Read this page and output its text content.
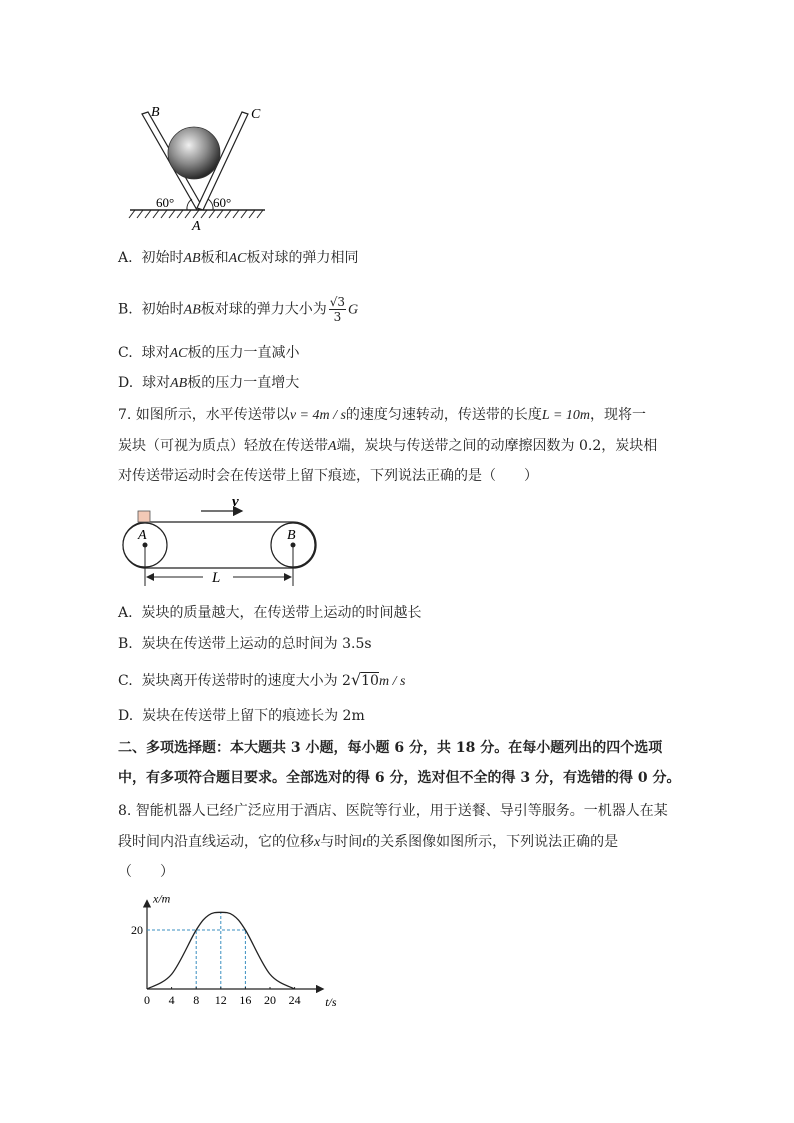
B	C
A
60°	60°
A. 初始时AB板和AC板对球的弹力相同
B. 初始时AB板对球的弹力大小为 $\frac{√3}{3}$ G
C. 球对AC板的压力一直减小
D. 球对AB板的压力一直增大
7. 如图所示，水平传送带以v = 4m / s的速度匀速转动，传送带的长度L = 10m，现将一
炭块（可视为质点）轻放在传送带A端，炭块与传送带之间的动摩擦因数为 0.2，炭块相
对传送带运动时会在传送带上留下痕迹，下列说法正确的是（　　）
v
A	B
L
A. 炭块的质量越大，在传送带上运动的时间越长
B. 炭块在传送带上运动的总时间为 3.5s
C. 炭块离开传送带时的速度大小为 2√10m / s
D. 炭块在传送带上留下的痕迹长为 2m
二、多项选择题：本大题共 3 小题，每小题 6 分，共 18 分。在每小题列出的四个选项
中，有多项符合题目要求。全部选对的得 6 分，选对但不全的得 3 分，有选错的得 0 分。
8. 智能机器人已经广泛应用于酒店、医院等行业，用于送餐、导引等服务。一机器人在某
段时间内沿直线运动，它的位移x与时间t的关系图像如图所示，下列说法正确的是
（　　）
0 4 8 12 16 20 24
20
t/s
x/m
